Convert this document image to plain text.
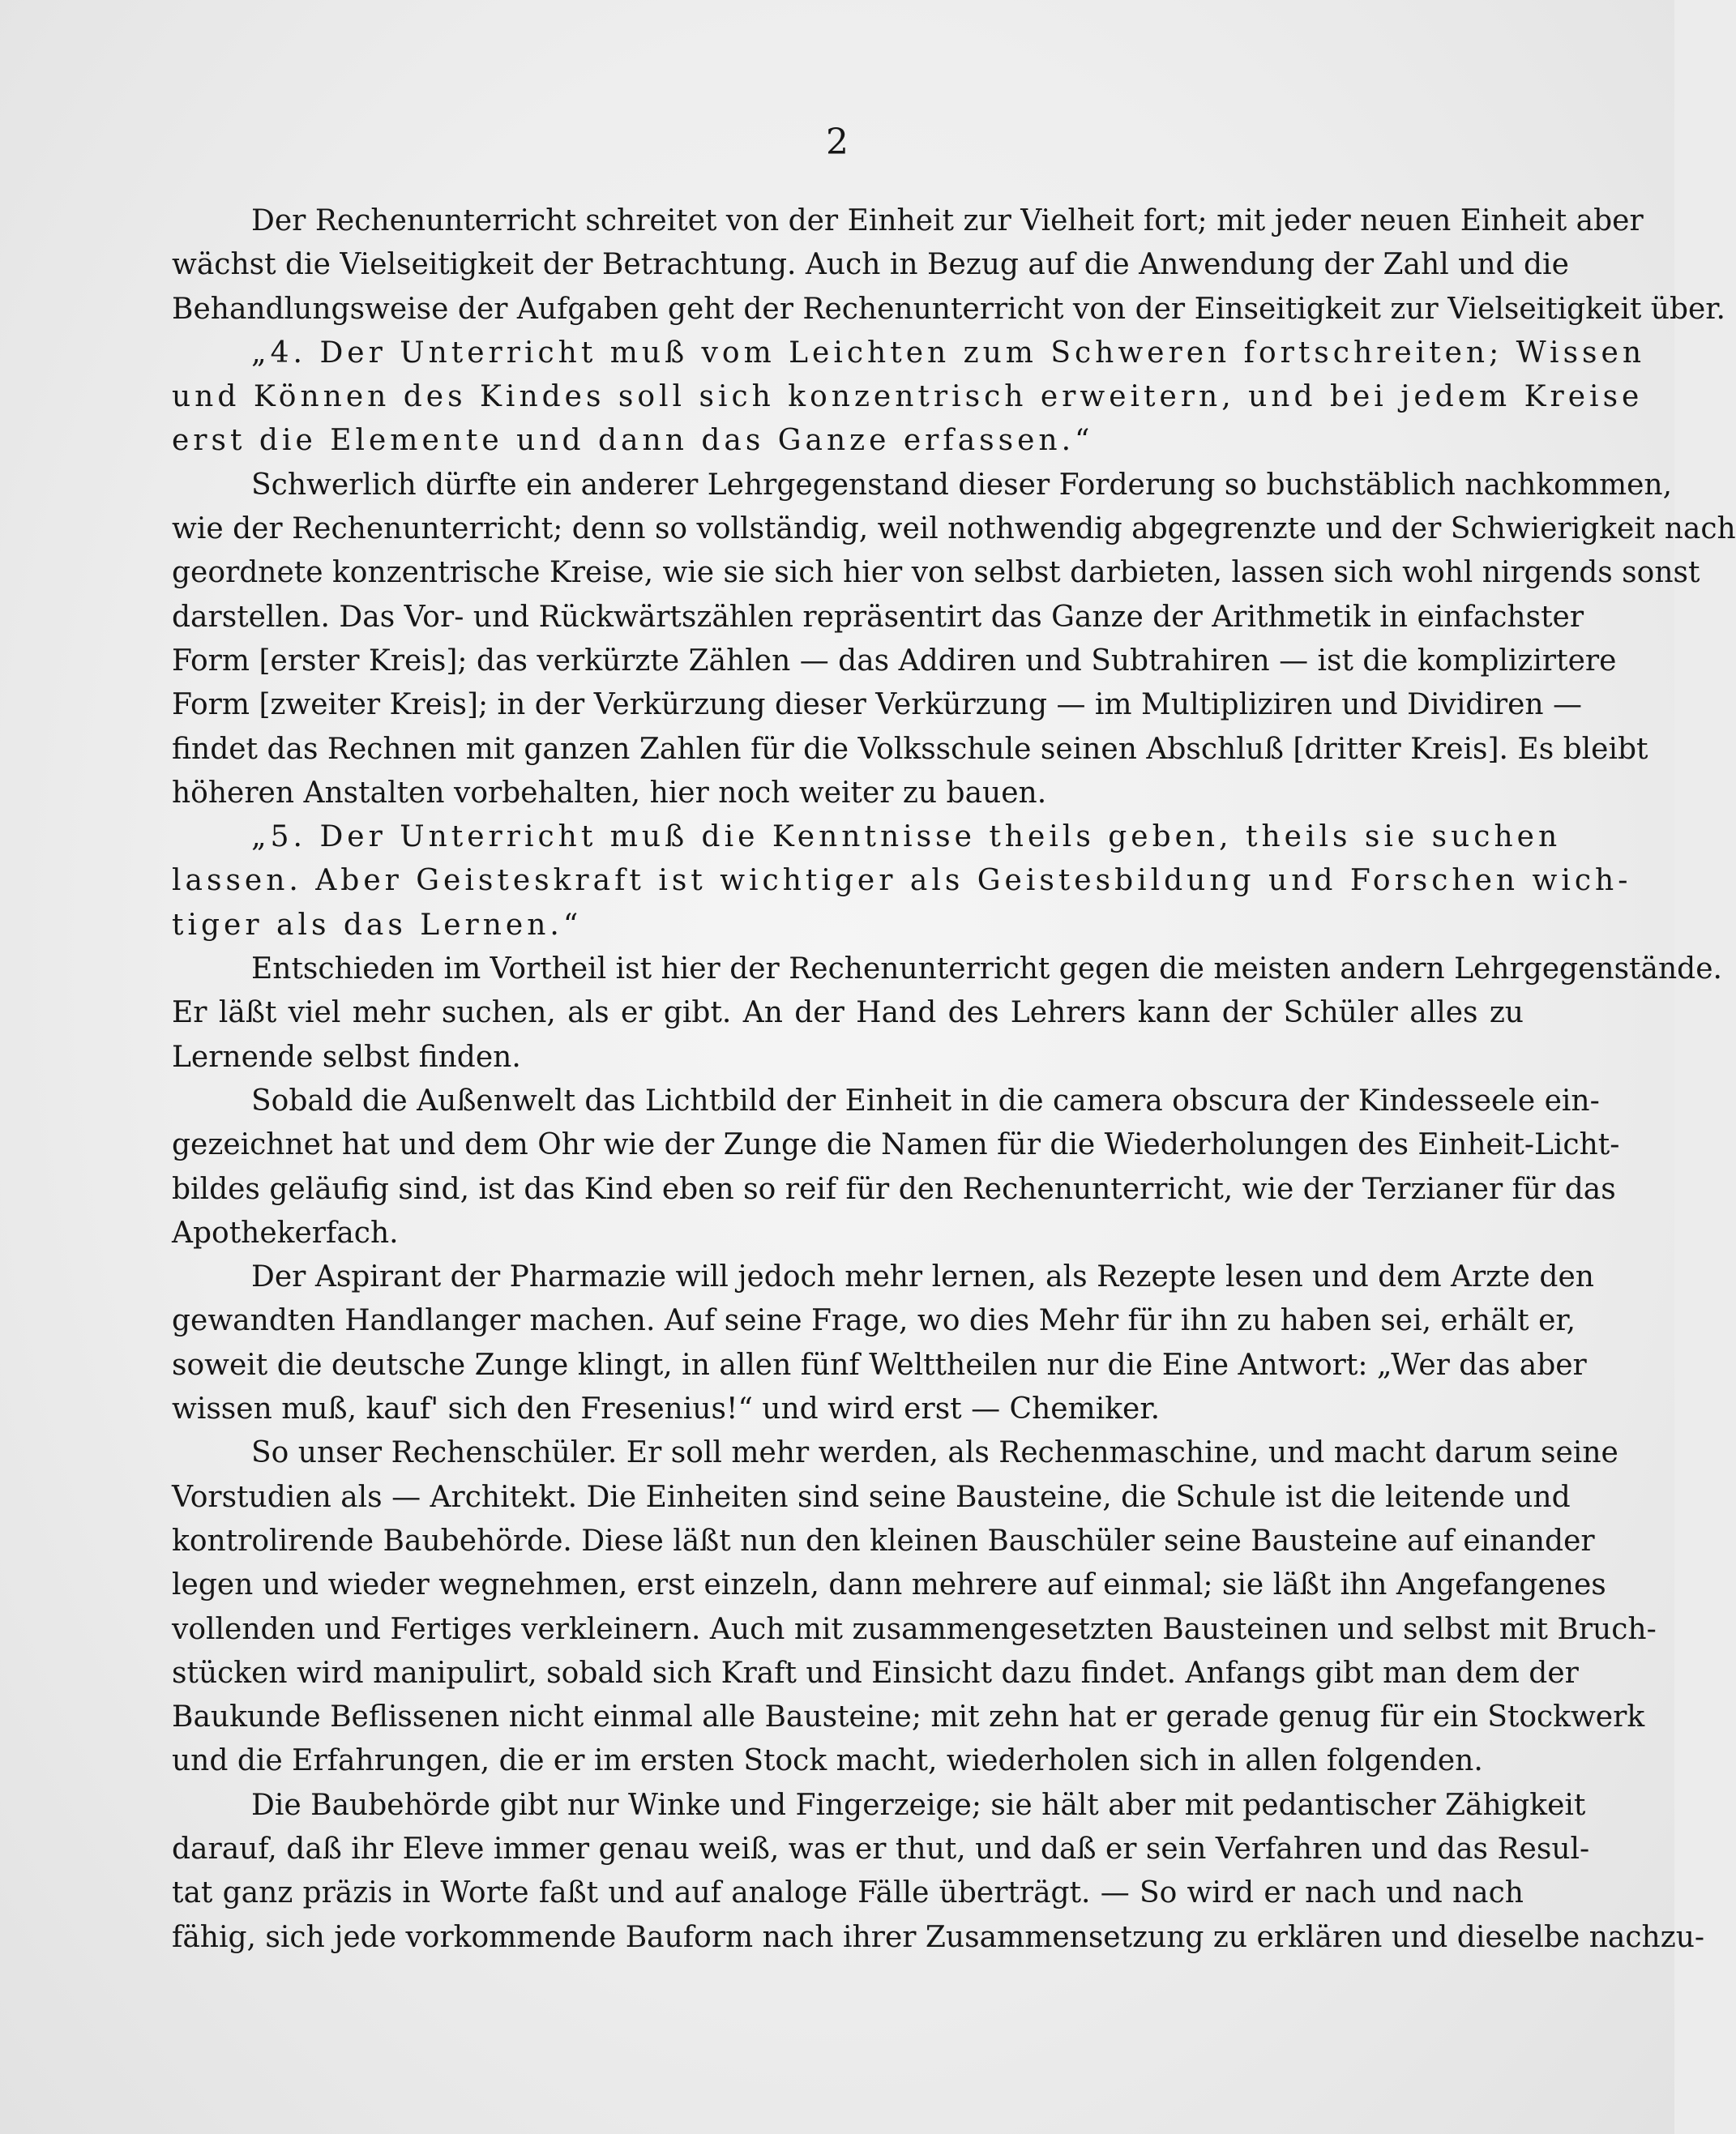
2
Der Rechenunterricht schreitet von der Einheit zur Vielheit fort; mit jeder neuen Einheit aber
wächst die Vielseitigkeit der Betrachtung. Auch in Bezug auf die Anwendung der Zahl und die
Behandlungsweise der Aufgaben geht der Rechenunterricht von der Einseitigkeit zur Vielseitigkeit über.
„4. Der Unterricht muß vom Leichten zum Schweren fortschreiten; Wissen
und Können des Kindes soll sich konzentrisch erweitern, und bei jedem Kreise
erst die Elemente und dann das Ganze erfassen.“
Schwerlich dürfte ein anderer Lehrgegenstand dieser Forderung so buchstäblich nachkommen,
wie der Rechenunterricht; denn so vollständig, weil nothwendig abgegrenzte und der Schwierigkeit nach
geordnete konzentrische Kreise, wie sie sich hier von selbst darbieten, lassen sich wohl nirgends sonst
darstellen. Das Vor- und Rückwärtszählen repräsentirt das Ganze der Arithmetik in einfachster
Form [erster Kreis]; das verkürzte Zählen — das Addiren und Subtrahiren — ist die komplizirtere
Form [zweiter Kreis]; in der Verkürzung dieser Verkürzung — im Multipliziren und Dividiren —
findet das Rechnen mit ganzen Zahlen für die Volksschule seinen Abschluß [dritter Kreis]. Es bleibt
höheren Anstalten vorbehalten, hier noch weiter zu bauen.
„5. Der Unterricht muß die Kenntnisse theils geben, theils sie suchen
lassen. Aber Geisteskraft ist wichtiger als Geistesbildung und Forschen wich-
tiger als das Lernen.“
Entschieden im Vortheil ist hier der Rechenunterricht gegen die meisten andern Lehrgegenstände.
Er läßt viel mehr suchen, als er gibt. An der Hand des Lehrers kann der Schüler alles zu
Lernende selbst finden.
Sobald die Außenwelt das Lichtbild der Einheit in die camera obscura der Kindesseele ein-
gezeichnet hat und dem Ohr wie der Zunge die Namen für die Wiederholungen des Einheit-Licht-
bildes geläufig sind, ist das Kind eben so reif für den Rechenunterricht, wie der Terzianer für das
Apothekerfach.
Der Aspirant der Pharmazie will jedoch mehr lernen, als Rezepte lesen und dem Arzte den
gewandten Handlanger machen. Auf seine Frage, wo dies Mehr für ihn zu haben sei, erhält er,
soweit die deutsche Zunge klingt, in allen fünf Welttheilen nur die Eine Antwort: „Wer das aber
wissen muß, kauf' sich den Fresenius!“ und wird erst — Chemiker.
So unser Rechenschüler. Er soll mehr werden, als Rechenmaschine, und macht darum seine
Vorstudien als — Architekt. Die Einheiten sind seine Bausteine, die Schule ist die leitende und
kontrolirende Baubehörde. Diese läßt nun den kleinen Bauschüler seine Bausteine auf einander
legen und wieder wegnehmen, erst einzeln, dann mehrere auf einmal; sie läßt ihn Angefangenes
vollenden und Fertiges verkleinern. Auch mit zusammengesetzten Bausteinen und selbst mit Bruch-
stücken wird manipulirt, sobald sich Kraft und Einsicht dazu findet. Anfangs gibt man dem der
Baukunde Beflissenen nicht einmal alle Bausteine; mit zehn hat er gerade genug für ein Stockwerk
und die Erfahrungen, die er im ersten Stock macht, wiederholen sich in allen folgenden.
Die Baubehörde gibt nur Winke und Fingerzeige; sie hält aber mit pedantischer Zähigkeit
darauf, daß ihr Eleve immer genau weiß, was er thut, und daß er sein Verfahren und das Resul-
tat ganz präzis in Worte faßt und auf analoge Fälle überträgt. — So wird er nach und nach
fähig, sich jede vorkommende Bauform nach ihrer Zusammensetzung zu erklären und dieselbe nachzu-
